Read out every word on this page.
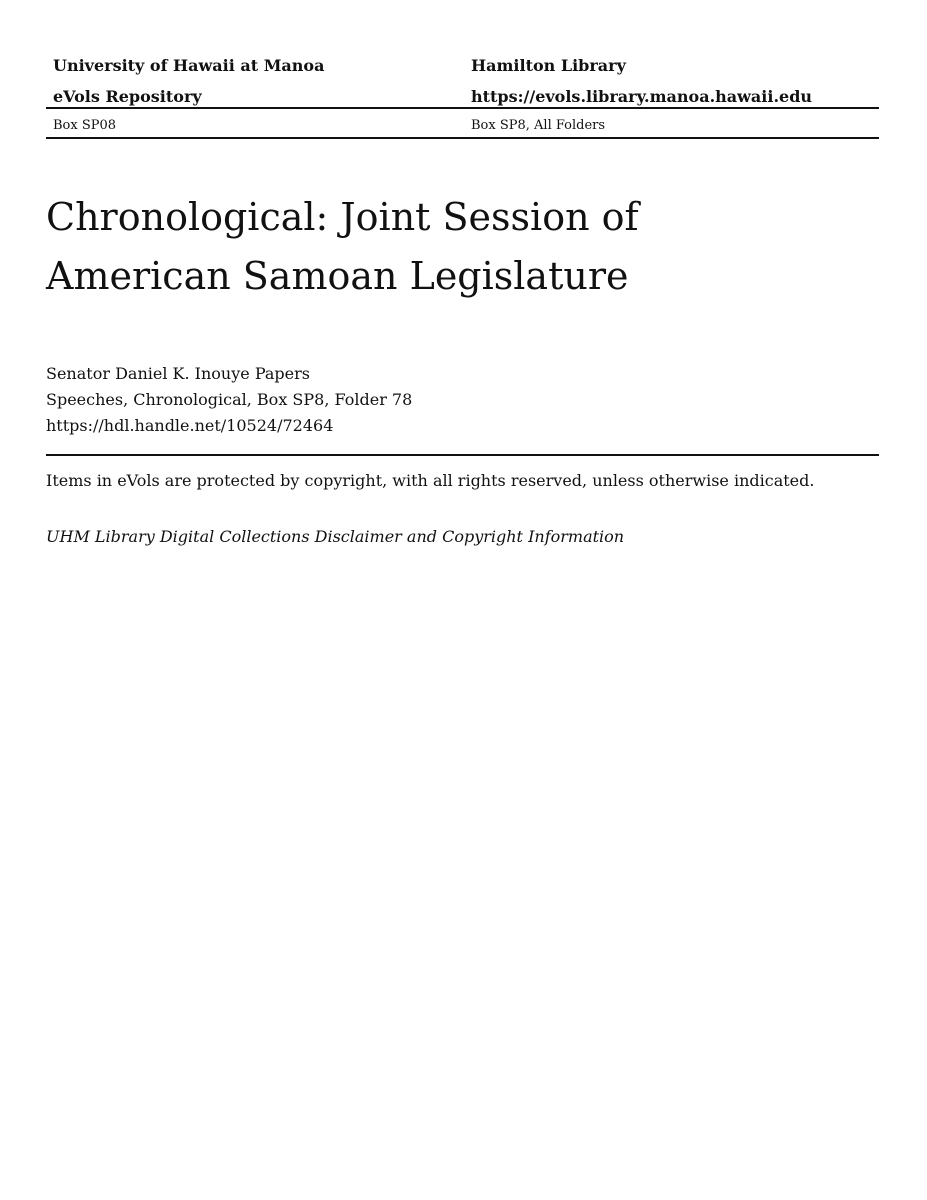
University of Hawaii at Manoa	Hamilton Library
eVols Repository	https://evols.library.manoa.hawaii.edu
Box SP08	Box SP8, All Folders
Chronological: Joint Session of
American Samoan Legislature
Senator Daniel K. Inouye Papers
Speeches, Chronological, Box SP8, Folder 78
https://hdl.handle.net/10524/72464
Items in eVols are protected by copyright, with all rights reserved, unless otherwise indicated.
UHM Library Digital Collections Disclaimer and Copyright Information
